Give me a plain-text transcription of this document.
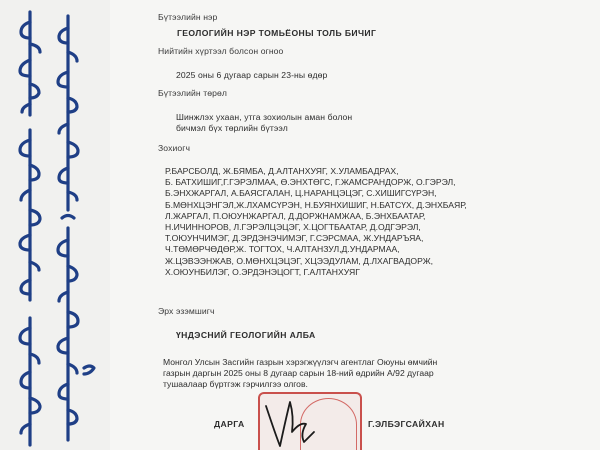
Бүтээлийн нэр
ГЕОЛОГИЙН НЭР ТОМЬЁОНЫ ТОЛЬ БИЧИГ
Нийтийн хүртээл болсон огноо
2025 оны 6 дугаар сарын 23-ны өдөр
Бүтээлийн төрөл
Шинжлэх ухаан, утга зохиолын аман болон
бичмэл бүх төрлийн бүтээл
Зохиогч
Р.БАРСБОЛД, Ж.БЯМБА, Д.АЛТАНХУЯГ, Х.УЛАМБАДРАХ,
Б. БАТХИШИГ,Г.ГЭРЭЛМАА, Ө.ЭНХТӨГС, Г.ЖАМСРАНДОРЖ, О.ГЭРЭЛ,
Б.ЭНХЖАРГАЛ, А.БАЯСГАЛАН, Ц.НАРАНЦЭЦЭГ, С.ХИШИГСҮРЭН,
Б.МӨНХЦЭНГЭЛ,Ж.ЛХАМСҮРЭН, Н.БУЯНХИШИГ, Н.БАТСҮХ, Д.ЭНХБАЯР,
Л.ЖАРГАЛ, П.ОЮУНЖАРГАЛ, Д.ДОРЖНАМЖАА, Б.ЭНХБААТАР,
Н.ИЧИННОРОВ, Л.ГЭРЭЛЦЭЦЭГ, Х.ЦОГТБААТАР, Д.ОДГЭРЭЛ,
Т.ОЮУНЧИМЭГ, Д.ЭРДЭНЭЧИМЭГ, Г.СЭРСМАА, Ж.УНДАРЪЯА,
Ч.ТӨМӨРЧӨДӨР,Ж. ТОГТОХ, Ч.АЛТАНЗУЛ,Д.УНДАРМАА,
Ж.ЦЭВЭЭНЖАВ, О.МӨНХЦЭЦЭГ, ХЦЭЭДУЛАМ, Д.ЛХАГВАДОРЖ,
Х.ОЮУНБИЛЭГ, О.ЭРДЭНЭЦОГТ, Г.АЛТАНХУЯГ
Эрх эзэмшигч
ҮНДЭСНИЙ ГЕОЛОГИЙН АЛБА
Монгол Улсын Засгийн газрын хэрэгжүүлэгч агентлаг Оюуны өмчийн
газрын даргын 2025 оны 8 дугаар сарын 18-ний өдрийн А/92 дугаар
тушаалаар бүртгэж гэрчилгээ олгов.
ДАРГА	Г.ЭЛБЭГСАЙХАН
